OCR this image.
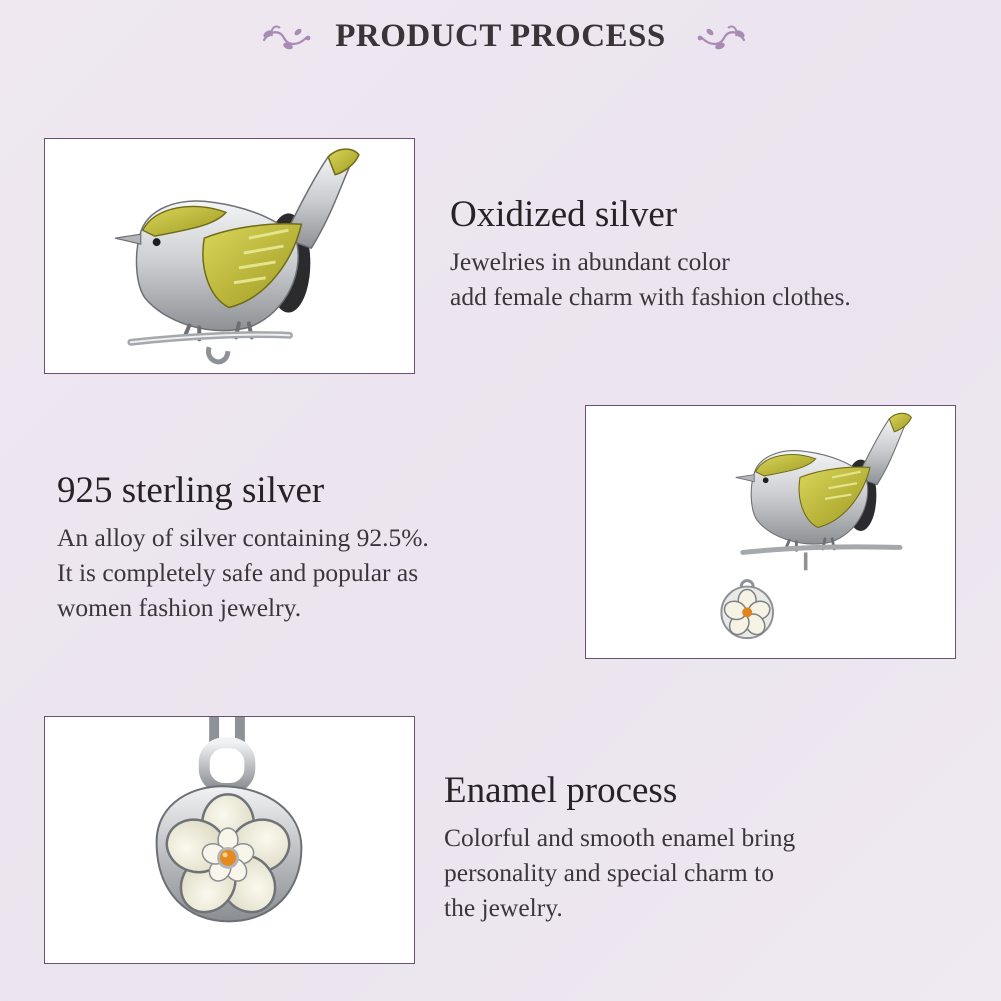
PRODUCT PROCESS
Oxidized silver
Jewelries in abundant color
add female charm with fashion clothes.
925 sterling silver
An alloy of silver containing 92.5%.
It is completely safe and popular as
women fashion jewelry.
Enamel process
Colorful and smooth enamel bring
personality and special charm to
the jewelry.
